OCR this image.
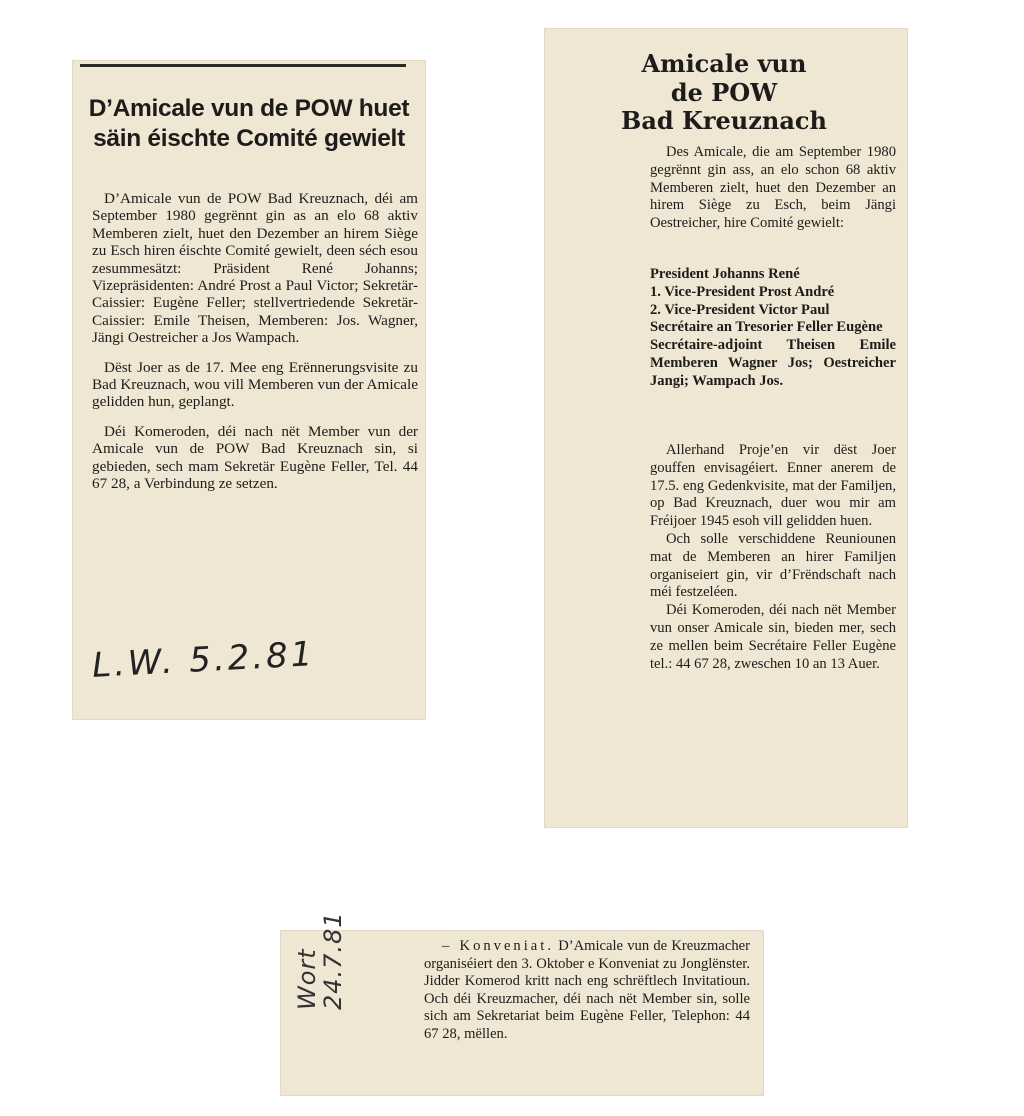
D’Amicale vun de POW huet säin éischte Comité gewielt

D’Amicale vun de POW Bad Kreuznach, déi am September 1980 gegrënnt gin as an elo 68 aktiv Memberen zielt, huet den Dezember an hirem Siège zu Esch hiren éischte Comité gewielt, deen séch esou zesummesätzt: Präsident René Johanns; Vizepräsidenten: André Prost a Paul Victor; Sekretär-Caissier: Eugène Feller; stellvertriedende Sekretär-Caissier: Emile Theisen, Memberen: Jos. Wagner, Jängi Oestreicher a Jos Wampach.

Dëst Joer as de 17. Mee eng Erënnerungsvisite zu Bad Kreuznach, wou vill Memberen vun der Amicale gelidden hun, geplangt.

Déi Komeroden, déi nach nët Member vun der Amicale vun de POW Bad Kreuznach sin, si gebieden, sech mam Sekretär Eugène Feller, Tel. 44 67 28, a Verbindung ze setzen.

L.W. 5.2.81
Amicale vun
de POW
Bad Kreuznach

Des Amicale, die am September 1980 gegrënnt gin ass, an elo schon 68 aktiv Memberen zielt, huet den Dezember an hirem Siège zu Esch, beim Jängi Oestreicher, hire Comité gewielt:

President Johanns René

1. Vice-President Prost André

2. Vice-President Victor Paul

Secrétaire an Tresorier Feller Eugène

Secrétaire-adjoint Theisen Emile

Memberen Wagner Jos; Oestreicher Jangi; Wampach Jos.

Allerhand Proje’en vir dëst Joer gouffen envisagéiert. Enner anerem de 17.5. eng Gedenkvisite, mat der Familjen, op Bad Kreuznach, duer wou mir am Fréijoer 1945 esoh vill gelidden huen.

Och solle verschiddene Reuniounen mat de Memberen an hirer Familjen organiseiert gin, vir d’Frëndschaft nach méi festzeléen.

Déi Komeroden, déi nach nët Member vun onser Amicale sin, bieden mer, sech ze mellen beim Secrétaire Feller Eugène tel.: 44 67 28, zweschen 10 an 13 Auer.

Wort
24.7.81	– Konveniat. D’Amicale vun de Kreuzmacher organiséiert den 3. Oktober e Konveniat zu Jonglënster. Jidder Komerod kritt nach eng schrëftlech Invitatioun. Och déi Kreuzmacher, déi nach nët Member sin, solle sich am Sekretariat beim Eugène Feller, Telephon: 44 67 28, mëllen.
